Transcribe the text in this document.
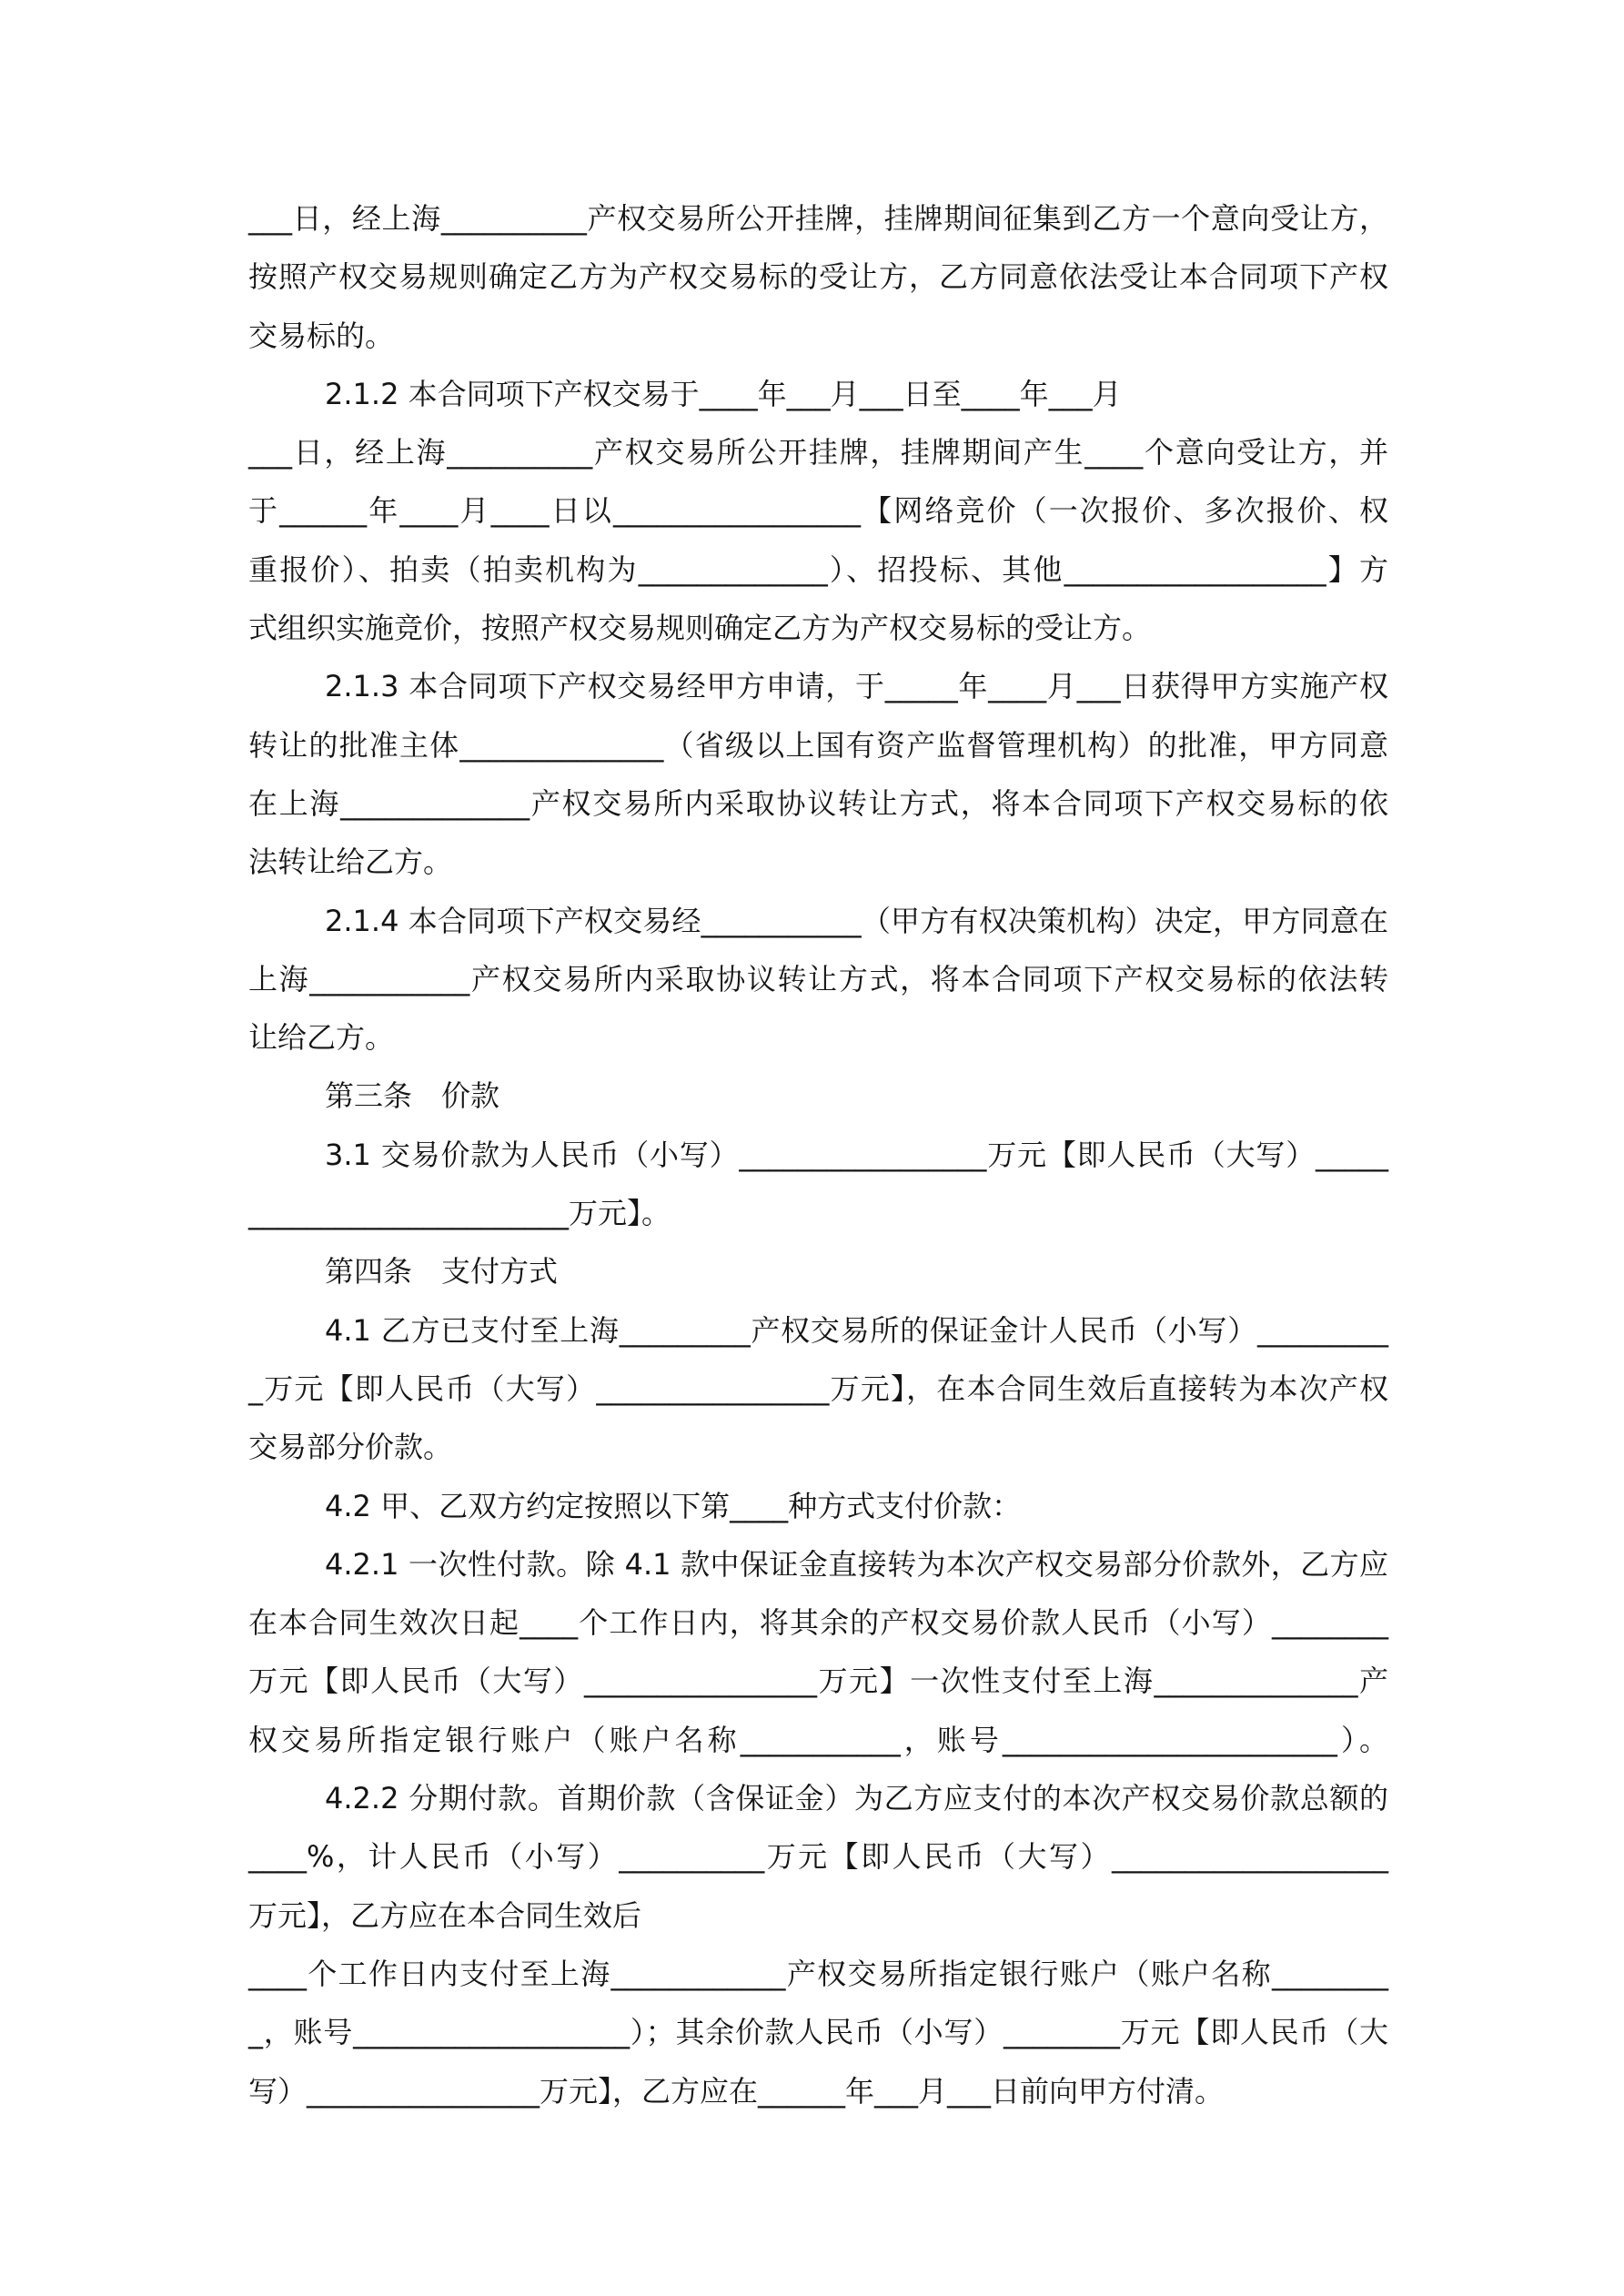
___日，经上海__________产权交易所公开挂牌，挂牌期间征集到乙方一个意向受让方，
按照产权交易规则确定乙方为产权交易标的受让方，乙方同意依法受让本合同项下产权
交易标的。
2.1.2 本合同项下产权交易于____年___月___日至____年___月
___日，经上海__________产权交易所公开挂牌，挂牌期间产生____个意向受让方，并
于______年____月____日以_________________【网络竞价（一次报价、多次报价、权
重报价）、拍卖（拍卖机构为_____________）、招投标、其他__________________】方
式组织实施竞价，按照产权交易规则确定乙方为产权交易标的受让方。
2.1.3 本合同项下产权交易经甲方申请，于_____年____月___日获得甲方实施产权
转让的批准主体______________（省级以上国有资产监督管理机构）的批准，甲方同意
在上海_____________产权交易所内采取协议转让方式，将本合同项下产权交易标的依
法转让给乙方。
2.1.4 本合同项下产权交易经___________（甲方有权决策机构）决定，甲方同意在
上海___________产权交易所内采取协议转让方式，将本合同项下产权交易标的依法转
让给乙方。
第三条　价款
3.1 交易价款为人民币（小写）_________________万元【即人民币（大写）_____
______________________万元】。
第四条　支付方式
4.1 乙方已支付至上海_________产权交易所的保证金计人民币（小写）_________
_万元【即人民币（大写）________________万元】，在本合同生效后直接转为本次产权
交易部分价款。
4.2 甲、乙双方约定按照以下第____种方式支付价款：
4.2.1 一次性付款。除 4.1 款中保证金直接转为本次产权交易部分价款外，乙方应
在本合同生效次日起____个工作日内，将其余的产权交易价款人民币（小写）________
万元【即人民币（大写）________________万元】一次性支付至上海______________产
权交易所指定银行账户（账户名称___________，账号_______________________）。
4.2.2 分期付款。首期价款（含保证金）为乙方应支付的本次产权交易价款总额的
____%，计人民币（小写）__________万元【即人民币（大写）___________________
万元】，乙方应在本合同生效后
____个工作日内支付至上海____________产权交易所指定银行账户（账户名称________
_，账号___________________）；其余价款人民币（小写）________万元【即人民币（大
写）________________万元】，乙方应在______年___月___日前向甲方付清。
